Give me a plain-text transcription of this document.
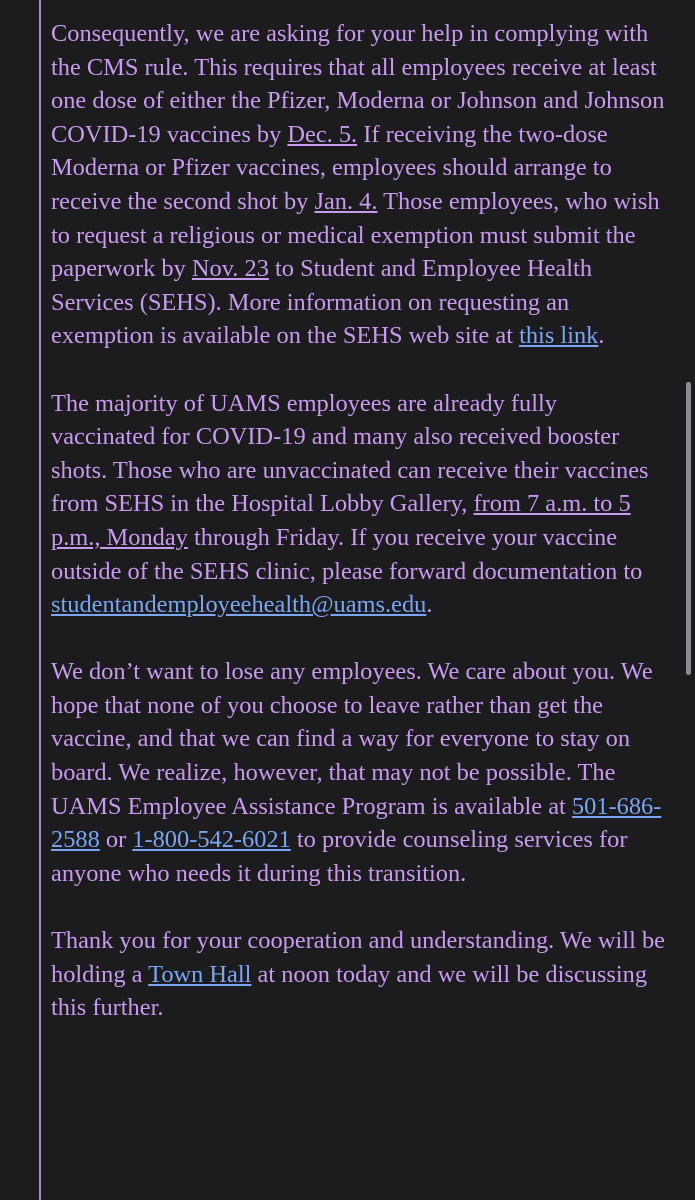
Consequently, we are asking for your help in complying with the CMS rule. This requires that all employees receive at least one dose of either the Pfizer, Moderna or Johnson and Johnson COVID-19 vaccines by Dec. 5. If receiving the two-dose Moderna or Pfizer vaccines, employees should arrange to receive the second shot by Jan. 4. Those employees, who wish to request a religious or medical exemption must submit the paperwork by Nov. 23 to Student and Employee Health Services (SEHS). More information on requesting an exemption is available on the SEHS web site at this link.

The majority of UAMS employees are already fully vaccinated for COVID-19 and many also received booster shots. Those who are unvaccinated can receive their vaccines from SEHS in the Hospital Lobby Gallery, from 7 a.m. to 5 p.m., Monday through Friday. If you receive your vaccine outside of the SEHS clinic, please forward documentation to studentandemployeehealth@uams.edu.

We don’t want to lose any employees. We care about you. We hope that none of you choose to leave rather than get the vaccine, and that we can find a way for everyone to stay on board. We realize, however, that may not be possible. The UAMS Employee Assistance Program is available at 501-686-2588 or 1-800-542-6021 to provide counseling services for anyone who needs it during this transition.

Thank you for your cooperation and understanding. We will be holding a Town Hall at noon today and we will be discussing this further.
